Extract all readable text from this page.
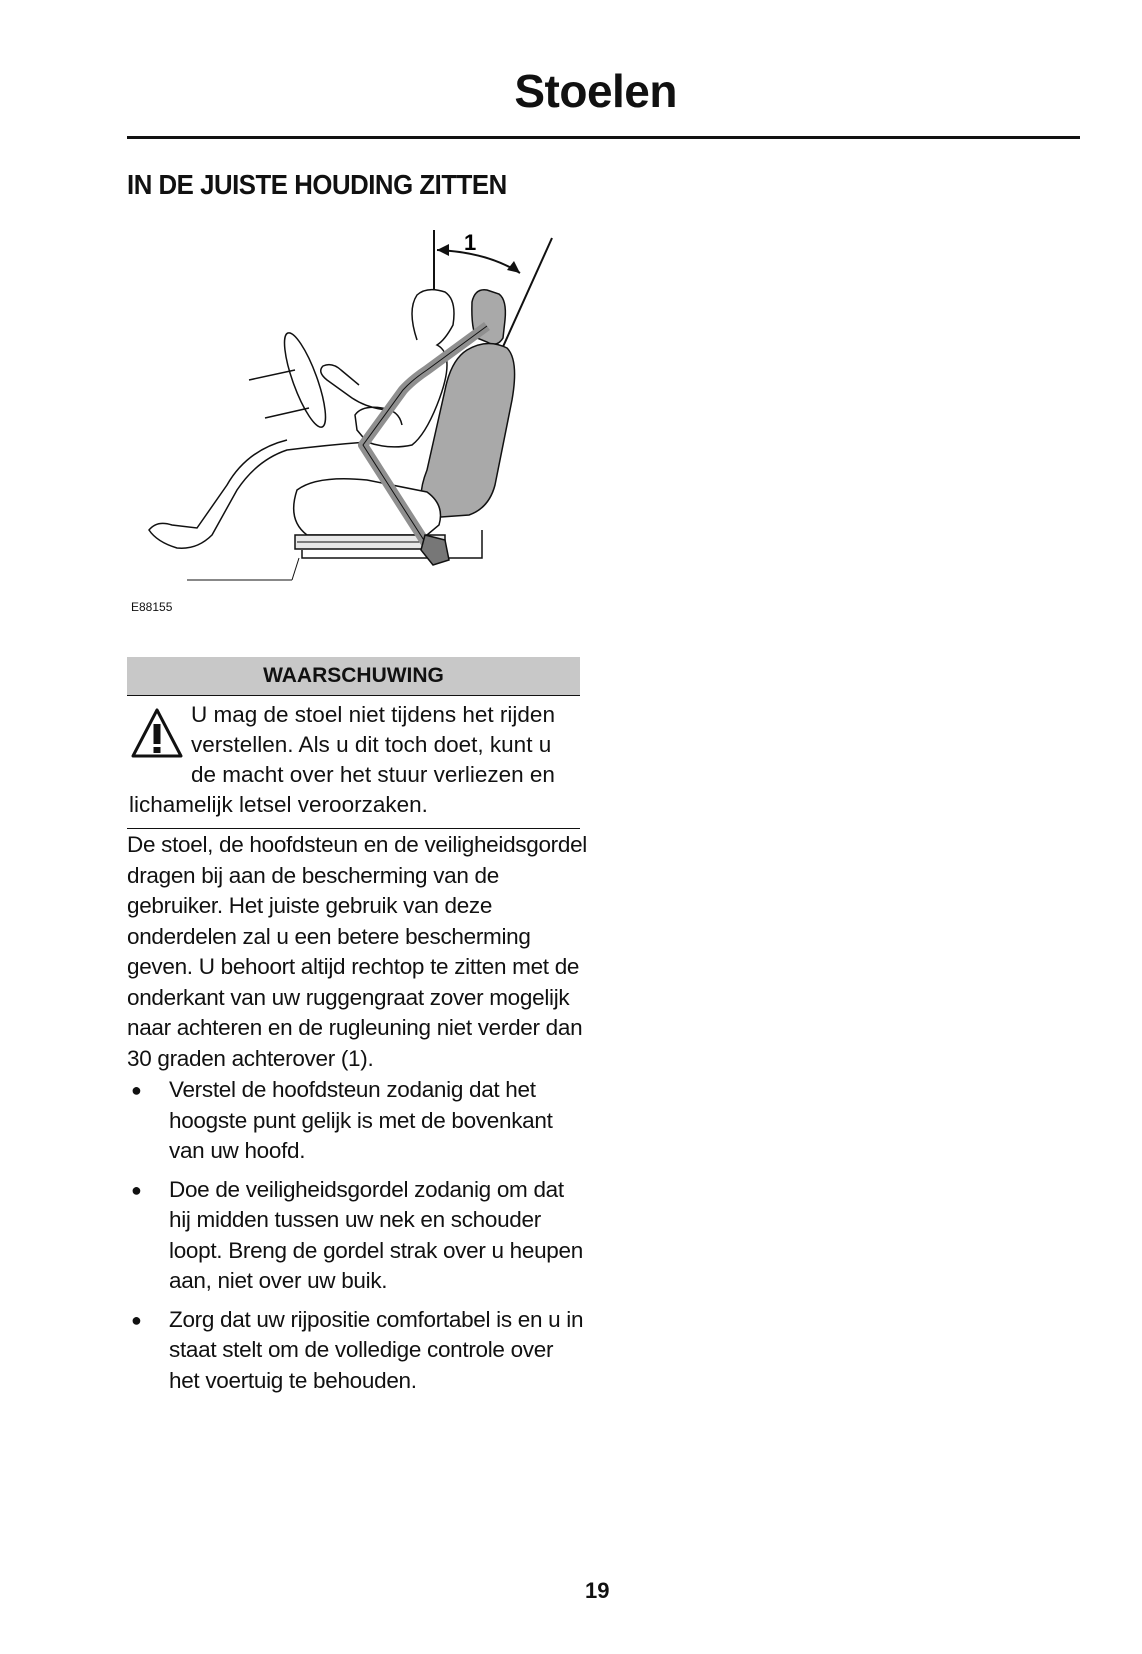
Stoelen
IN DE JUISTE HOUDING ZITTEN
1
E88155
WAARSCHUWING

U mag de stoel niet tijdens het rijden verstellen. Als u dit toch doet, kunt u de macht over het stuur verliezen en lichamelijk letsel veroorzaken.

De stoel, de hoofdsteun en de veiligheidsgordel dragen bij aan de bescherming van de gebruiker. Het juiste gebruik van deze onderdelen zal u een betere bescherming geven. U behoort altijd rechtop te zitten met de onderkant van uw ruggengraat zover mogelijk naar achteren en de rugleuning niet verder dan 30 graden achterover (1).

● Verstel de hoofdsteun zodanig dat het hoogste punt gelijk is met de bovenkant van uw hoofd.
● Doe de veiligheidsgordel zodanig om dat hij midden tussen uw nek en schouder loopt. Breng de gordel strak over u heupen aan, niet over uw buik.
● Zorg dat uw rijpositie comfortabel is en u in staat stelt om de volledige controle over het voertuig te behouden.
19
